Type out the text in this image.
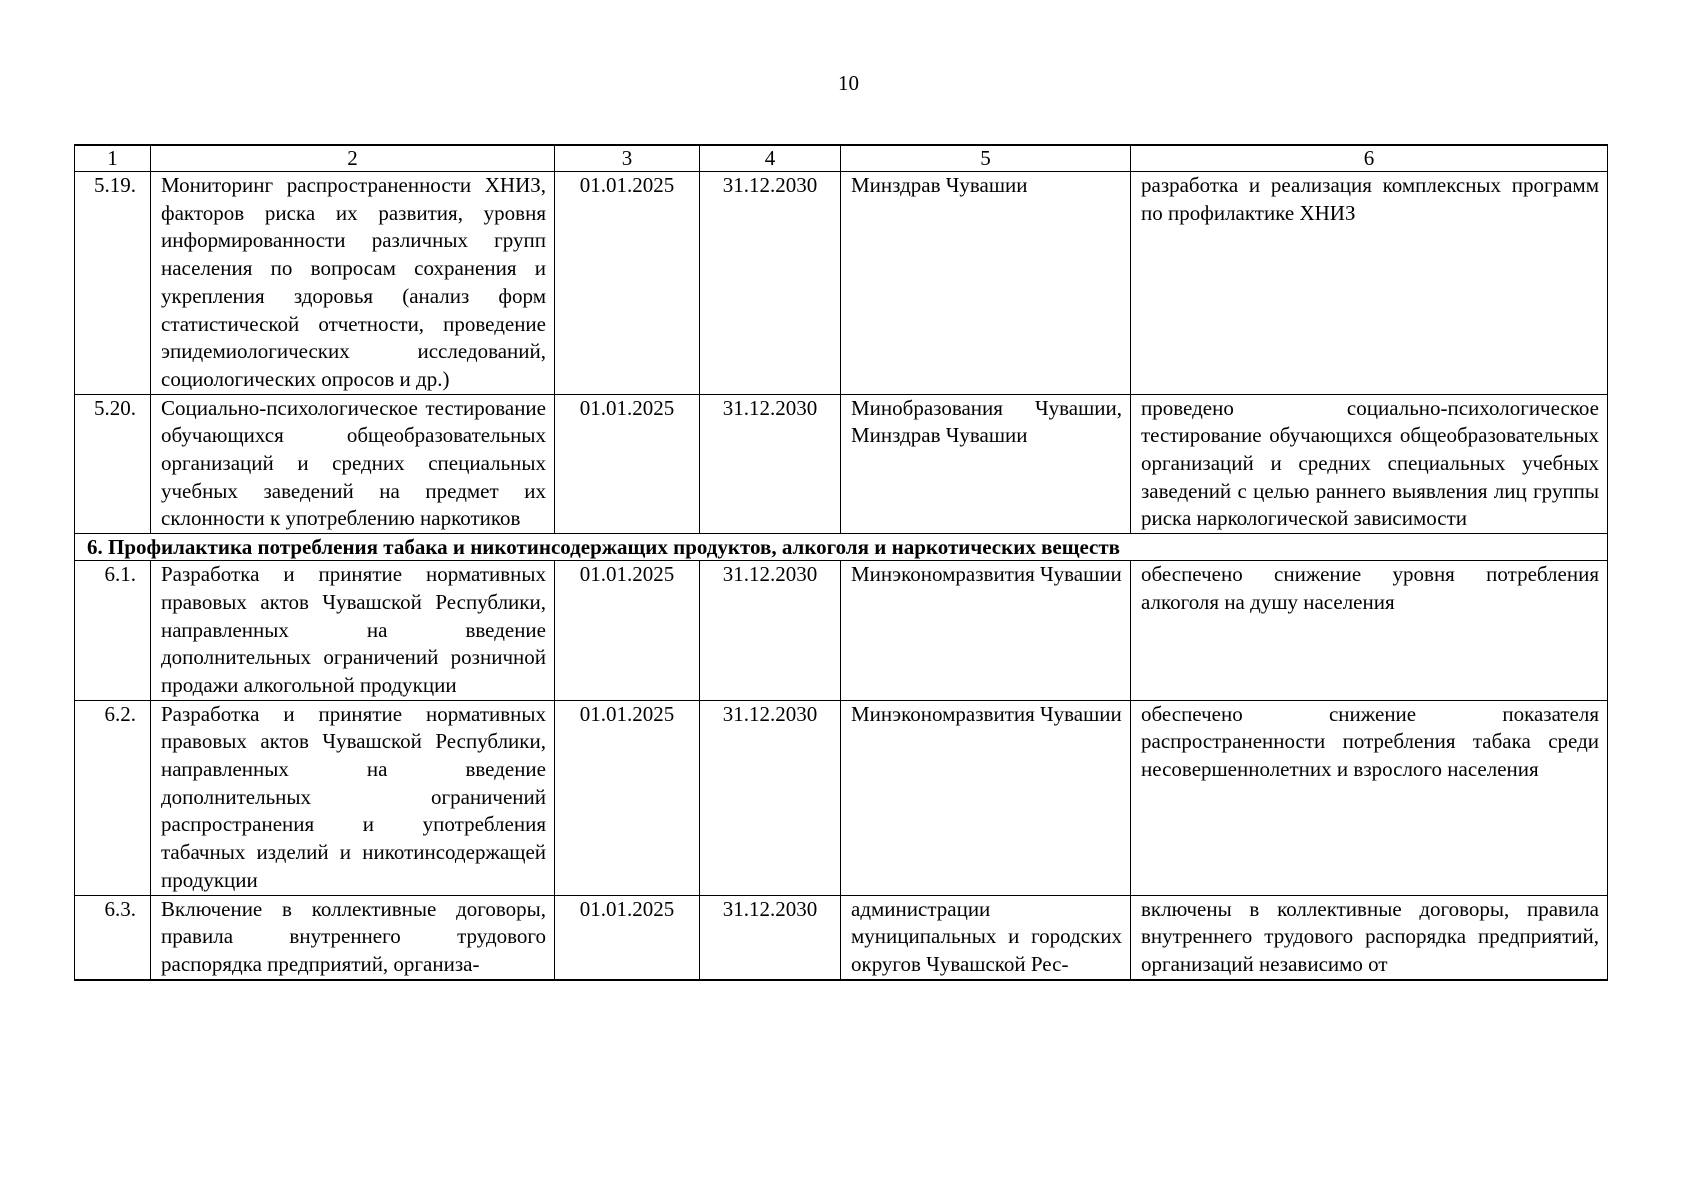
10
1	2	3	4	5	6
5.19.	Мониторинг распространенности ХНИЗ, факторов риска их развития, уровня информированности различных групп населения по вопросам сохранения и укрепления здоровья (анализ форм статистической отчетности, проведение эпидемиологических исследований, социологических опросов и др.)	01.01.2025	31.12.2030	Минздрав Чувашии	разработка и реализация комплексных программ по профилактике ХНИЗ
5.20.	Социально-психологическое тестирование обучающихся общеобразовательных организаций и средних специальных учебных заведений на предмет их склонности к употреблению наркотиков	01.01.2025	31.12.2030	Минобразования Чувашии, Минздрав Чувашии	проведено социально-психологическое тестирование обучающихся общеобразовательных организаций и средних специальных учебных заведений с целью раннего выявления лиц группы риска наркологической зависимости
6. Профилактика потребления табака и никотинсодержащих продуктов, алкоголя и наркотических веществ					
6.1.	Разработка и принятие нормативных правовых актов Чувашской Республики, направленных на введение дополнительных ограничений розничной продажи алкогольной продукции	01.01.2025	31.12.2030	Минэкономразвития Чувашии	обеспечено снижение уровня потребления алкоголя на душу населения
6.2.	Разработка и принятие нормативных правовых актов Чувашской Республики, направленных на введение дополнительных ограничений распространения и употребления табачных изделий и никотинсодержащей продукции	01.01.2025	31.12.2030	Минэкономразвития Чувашии	обеспечено снижение показателя распространенности потребления табака среди несовершеннолетних и взрослого населения
6.3.	Включение в коллективные договоры, правила внутреннего трудового распорядка предприятий, организа-	01.01.2025	31.12.2030	администрации муниципальных и городских округов Чувашской Рес-	включены в коллективные договоры, правила внутреннего трудового распорядка предприятий, организаций независимо от
